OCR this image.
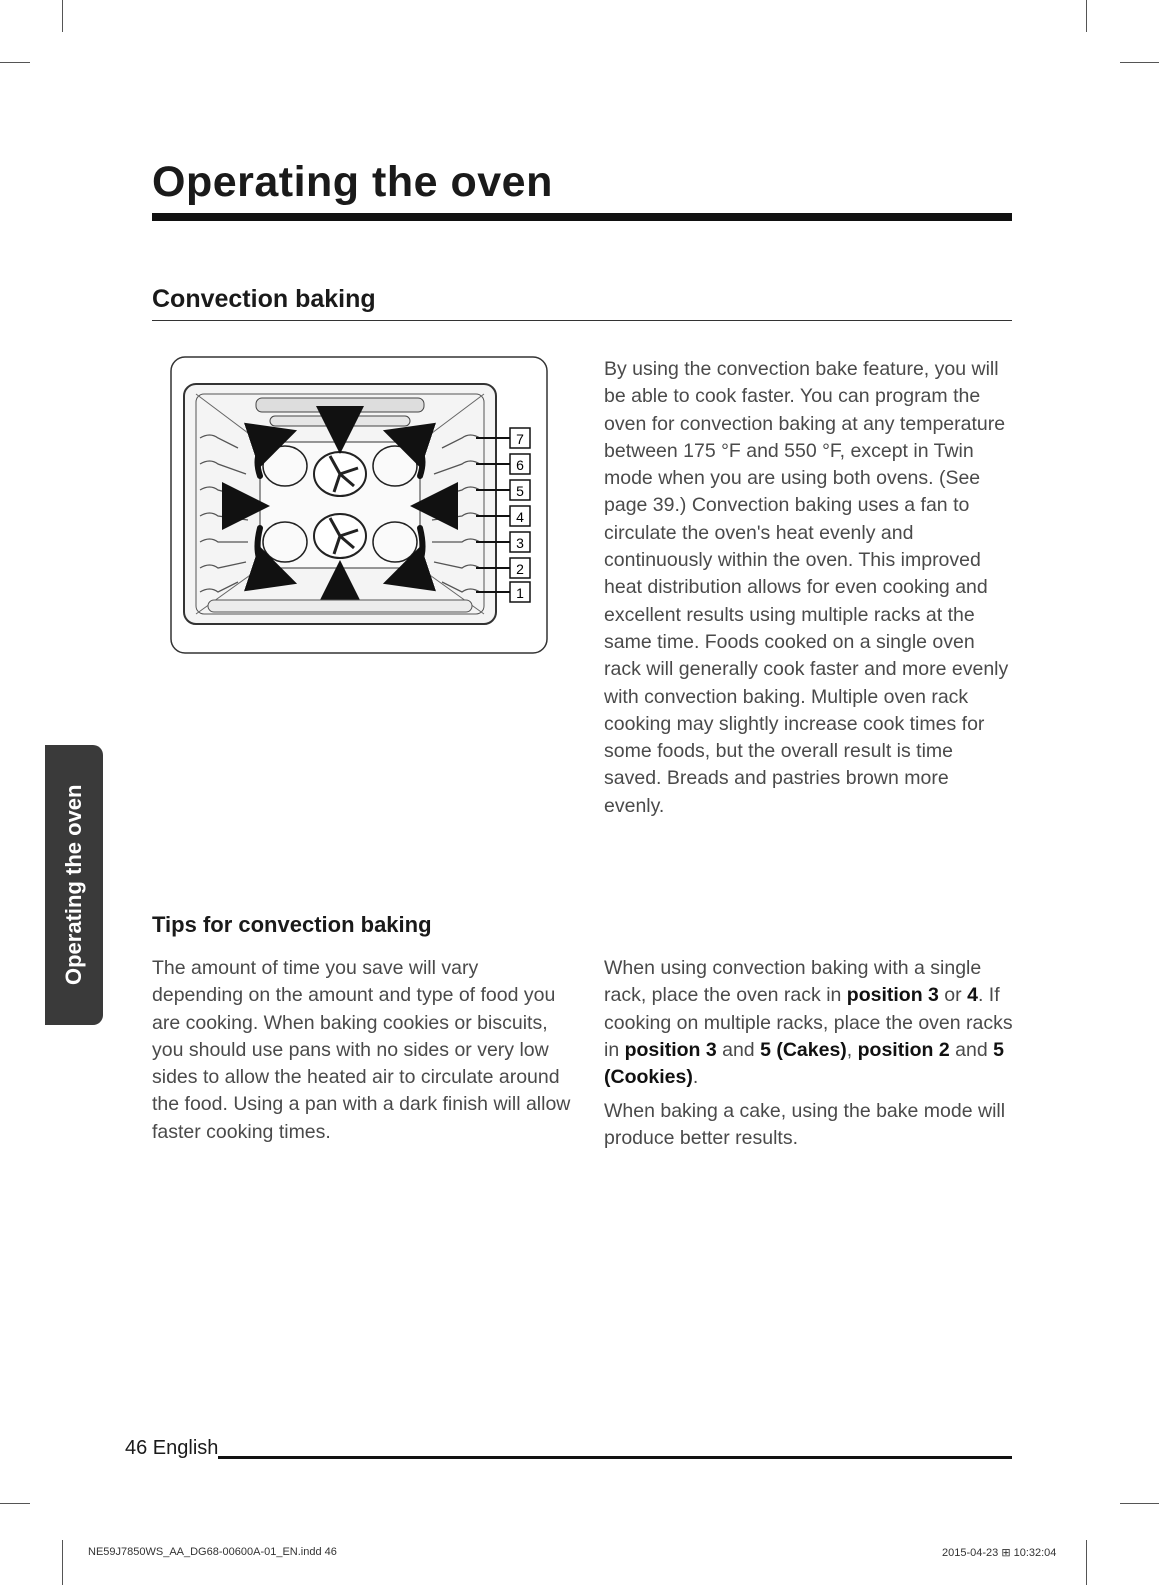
Operating the oven
Convection baking
7
6
5
4
3
2
1

By using the convection bake feature, you will be able to cook faster. You can program the oven for convection baking at any temperature between 175 °F and 550 °F, except in Twin mode when you are using both ovens. (See page 39.) Convection baking uses a fan to circulate the oven's heat evenly and continuously within the oven. This improved heat distribution allows for even cooking and excellent results using multiple racks at the same time. Foods cooked on a single oven rack will generally cook faster and more evenly with convection baking. Multiple oven rack cooking may slightly increase cook times for some foods, but the overall result is time saved. Breads and pastries brown more evenly.

Tips for convection baking

The amount of time you save will vary depending on the amount and type of food you are cooking. When baking cookies or biscuits, you should use pans with no sides or very low sides to allow the heated air to circulate around the food. Using a pan with a dark finish will allow faster cooking times.

When using convection baking with a single rack, place the oven rack in position 3 or 4. If cooking on multiple racks, place the oven racks in position 3 and 5 (Cakes), position 2 and 5 (Cookies).

When baking a cake, using the bake mode will produce better results.

Operating the oven
46 English
NE59J7850WS_AA_DG68-00600A-01_EN.indd 46	2015-04-23 ⊞ 10:32:04
